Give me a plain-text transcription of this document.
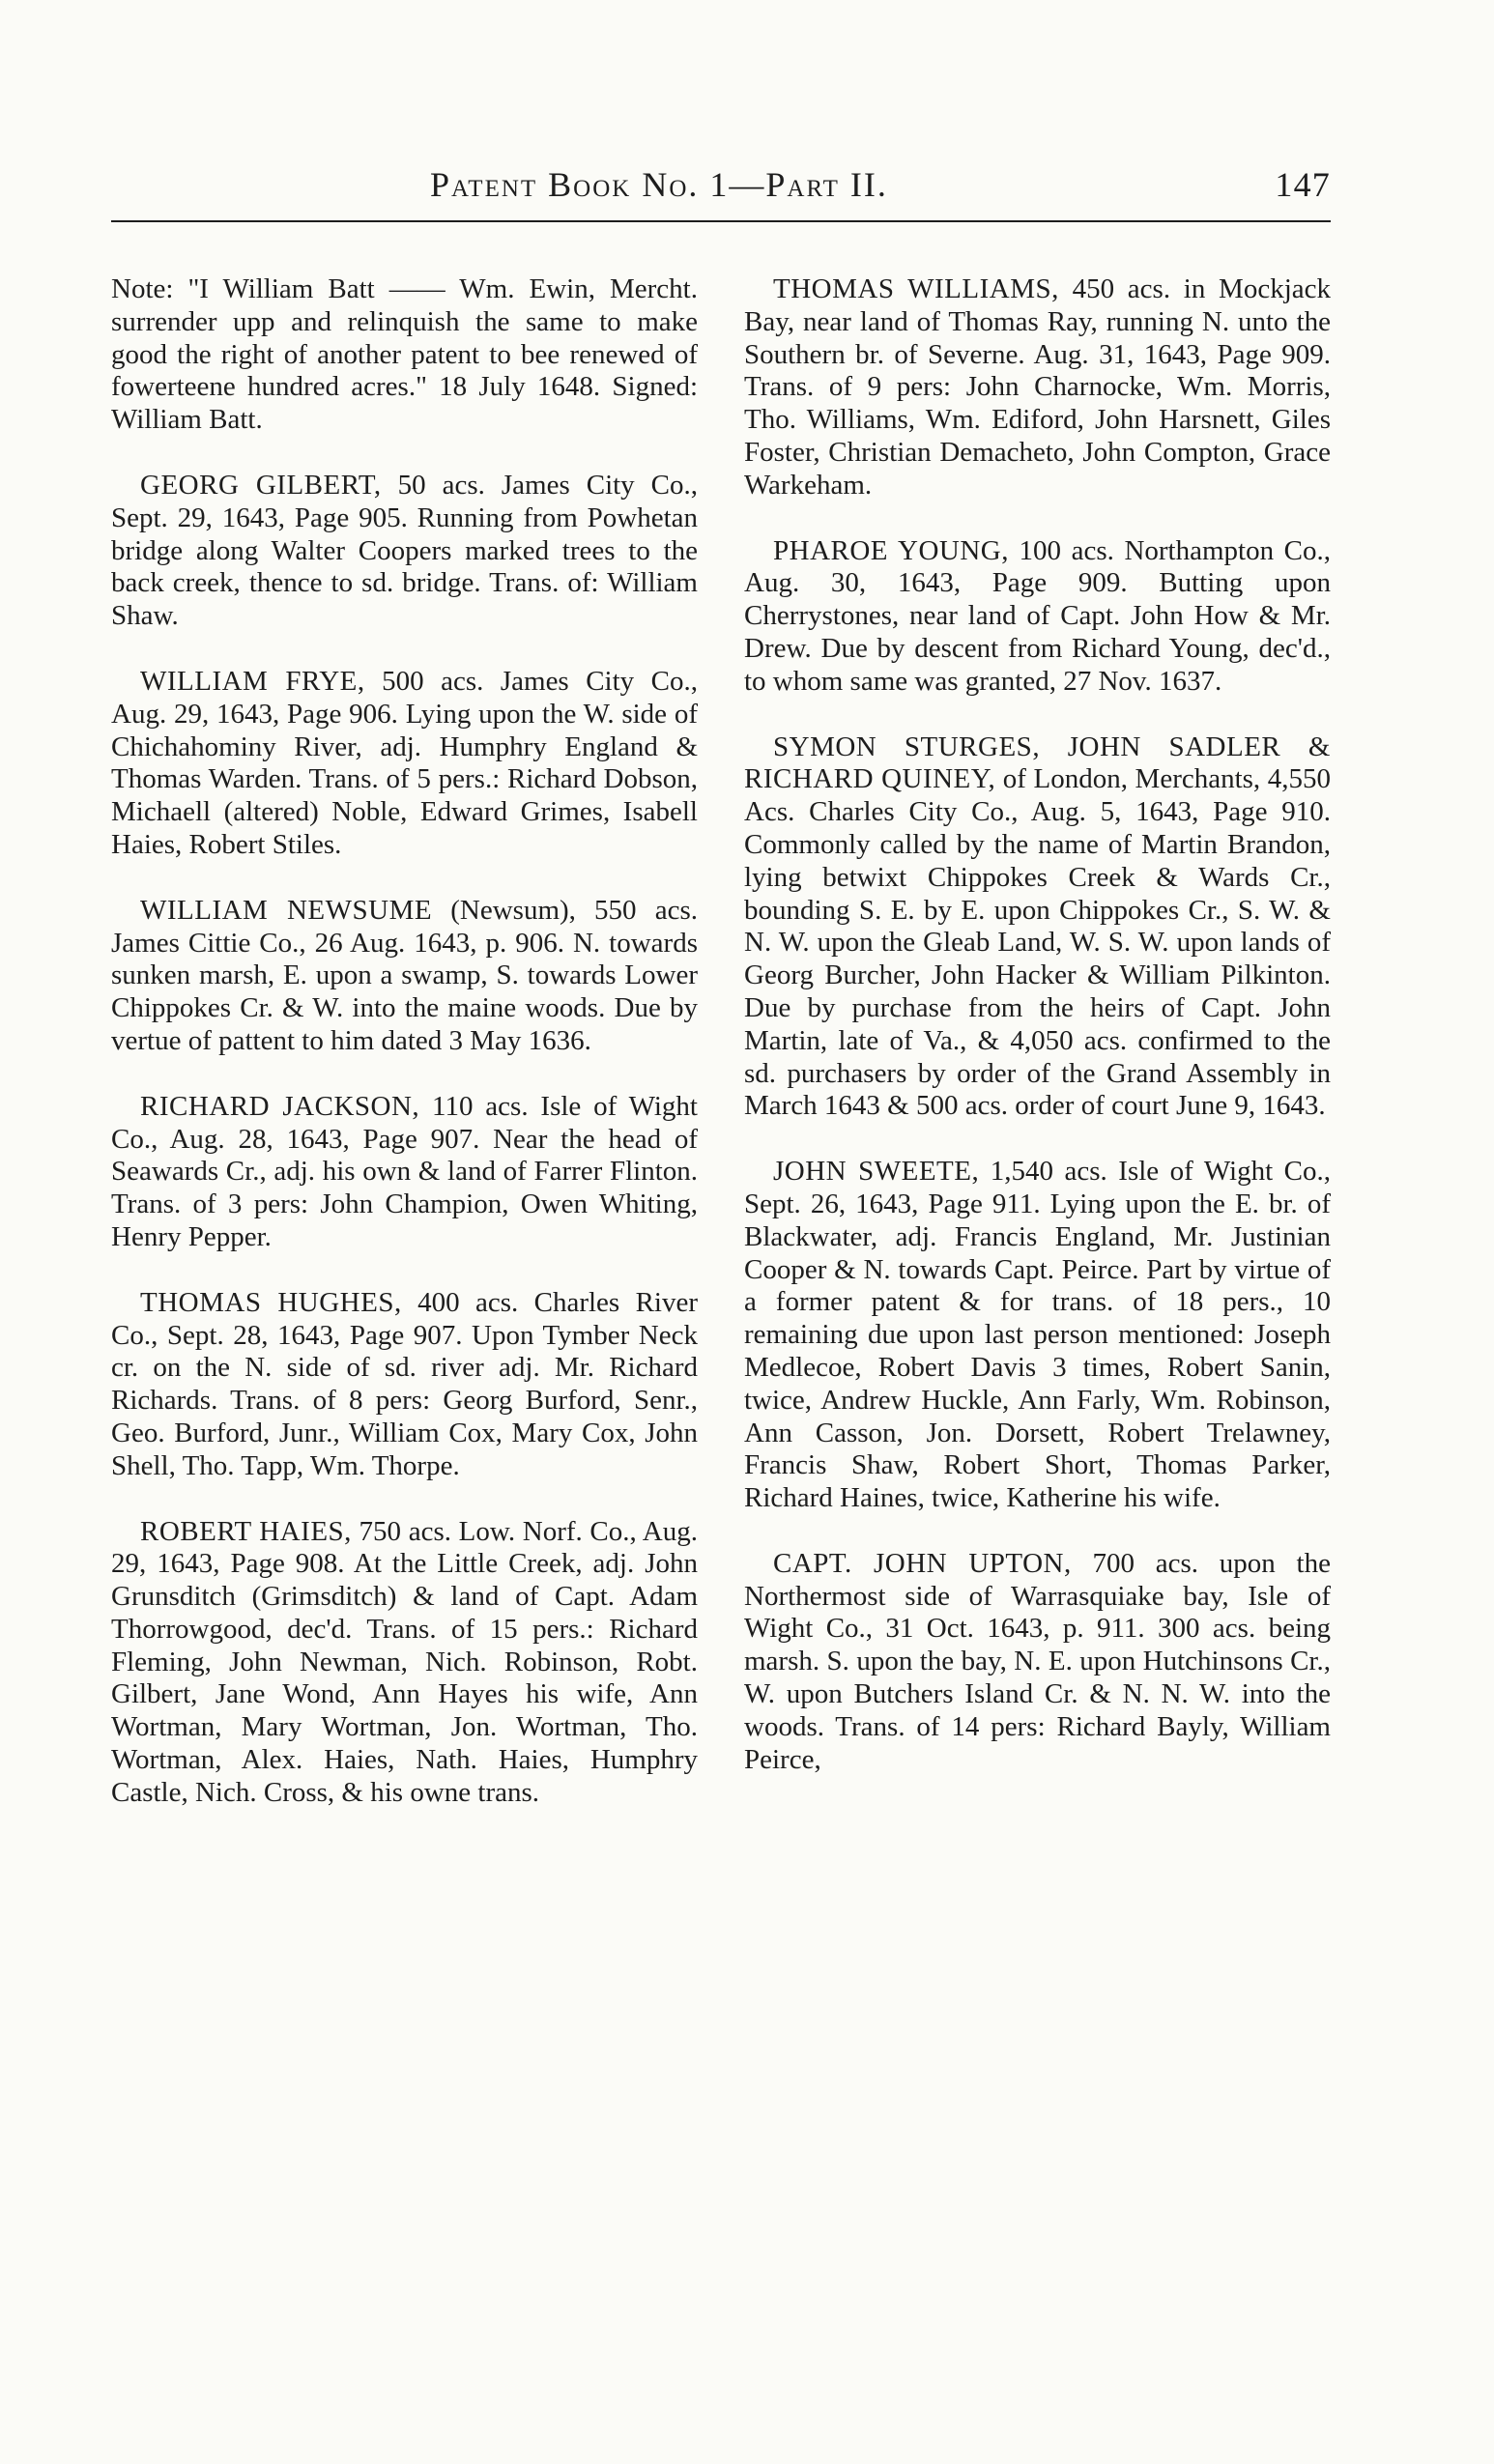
Patent Book No. 1—Part II.	147

Note: "I William Batt —— Wm. Ewin, Mercht. surrender upp and relinquish the same to make good the right of another patent to bee renewed of fowerteene hundred acres." 18 July 1648. Signed: William Batt.

GEORG GILBERT, 50 acs. James City Co., Sept. 29, 1643, Page 905. Running from Powhetan bridge along Walter Coopers marked trees to the back creek, thence to sd. bridge. Trans. of: William Shaw.

WILLIAM FRYE, 500 acs. James City Co., Aug. 29, 1643, Page 906. Lying upon the W. side of Chichahominy River, adj. Humphry England & Thomas Warden. Trans. of 5 pers.: Richard Dobson, Michaell (altered) Noble, Edward Grimes, Isabell Haies, Robert Stiles.

WILLIAM NEWSUME (Newsum), 550 acs. James Cittie Co., 26 Aug. 1643, p. 906. N. towards sunken marsh, E. upon a swamp, S. towards Lower Chippokes Cr. & W. into the maine woods. Due by vertue of pattent to him dated 3 May 1636.

RICHARD JACKSON, 110 acs. Isle of Wight Co., Aug. 28, 1643, Page 907. Near the head of Seawards Cr., adj. his own & land of Farrer Flinton. Trans. of 3 pers: John Champion, Owen Whiting, Henry Pepper.

THOMAS HUGHES, 400 acs. Charles River Co., Sept. 28, 1643, Page 907. Upon Tymber Neck cr. on the N. side of sd. river adj. Mr. Richard Richards. Trans. of 8 pers: Georg Burford, Senr., Geo. Burford, Junr., William Cox, Mary Cox, John Shell, Tho. Tapp, Wm. Thorpe.

ROBERT HAIES, 750 acs. Low. Norf. Co., Aug. 29, 1643, Page 908. At the Little Creek, adj. John Grunsditch (Grimsditch) & land of Capt. Adam Thorrowgood, dec'd. Trans. of 15 pers.: Richard Fleming, John Newman, Nich. Robinson, Robt. Gilbert, Jane Wond, Ann Hayes his wife, Ann Wortman, Mary Wortman, Jon. Wortman, Tho. Wortman, Alex. Haies, Nath. Haies, Humphry Castle, Nich. Cross, & his owne trans.

THOMAS WILLIAMS, 450 acs. in Mockjack Bay, near land of Thomas Ray, running N. unto the Southern br. of Severne. Aug. 31, 1643, Page 909. Trans. of 9 pers: John Charnocke, Wm. Morris, Tho. Williams, Wm. Ediford, John Harsnett, Giles Foster, Christian Demacheto, John Compton, Grace Warkeham.

PHAROE YOUNG, 100 acs. Northampton Co., Aug. 30, 1643, Page 909. Butting upon Cherrystones, near land of Capt. John How & Mr. Drew. Due by descent from Richard Young, dec'd., to whom same was granted, 27 Nov. 1637.

SYMON STURGES, JOHN SADLER & RICHARD QUINEY, of London, Merchants, 4,550 Acs. Charles City Co., Aug. 5, 1643, Page 910. Commonly called by the name of Martin Brandon, lying betwixt Chippokes Creek & Wards Cr., bounding S. E. by E. upon Chippokes Cr., S. W. & N. W. upon the Gleab Land, W. S. W. upon lands of Georg Burcher, John Hacker & William Pilkinton. Due by purchase from the heirs of Capt. John Martin, late of Va., & 4,050 acs. confirmed to the sd. purchasers by order of the Grand Assembly in March 1643 & 500 acs. order of court June 9, 1643.

JOHN SWEETE, 1,540 acs. Isle of Wight Co., Sept. 26, 1643, Page 911. Lying upon the E. br. of Blackwater, adj. Francis England, Mr. Justinian Cooper & N. towards Capt. Peirce. Part by virtue of a former patent & for trans. of 18 pers., 10 remaining due upon last person mentioned: Joseph Medlecoe, Robert Davis 3 times, Robert Sanin, twice, Andrew Huckle, Ann Farly, Wm. Robinson, Ann Casson, Jon. Dorsett, Robert Trelawney, Francis Shaw, Robert Short, Thomas Parker, Richard Haines, twice, Katherine his wife.

CAPT. JOHN UPTON, 700 acs. upon the Northermost side of Warrasquiake bay, Isle of Wight Co., 31 Oct. 1643, p. 911. 300 acs. being marsh. S. upon the bay, N. E. upon Hutchinsons Cr., W. upon Butchers Island Cr. & N. N. W. into the woods. Trans. of 14 pers: Richard Bayly, William Peirce,
